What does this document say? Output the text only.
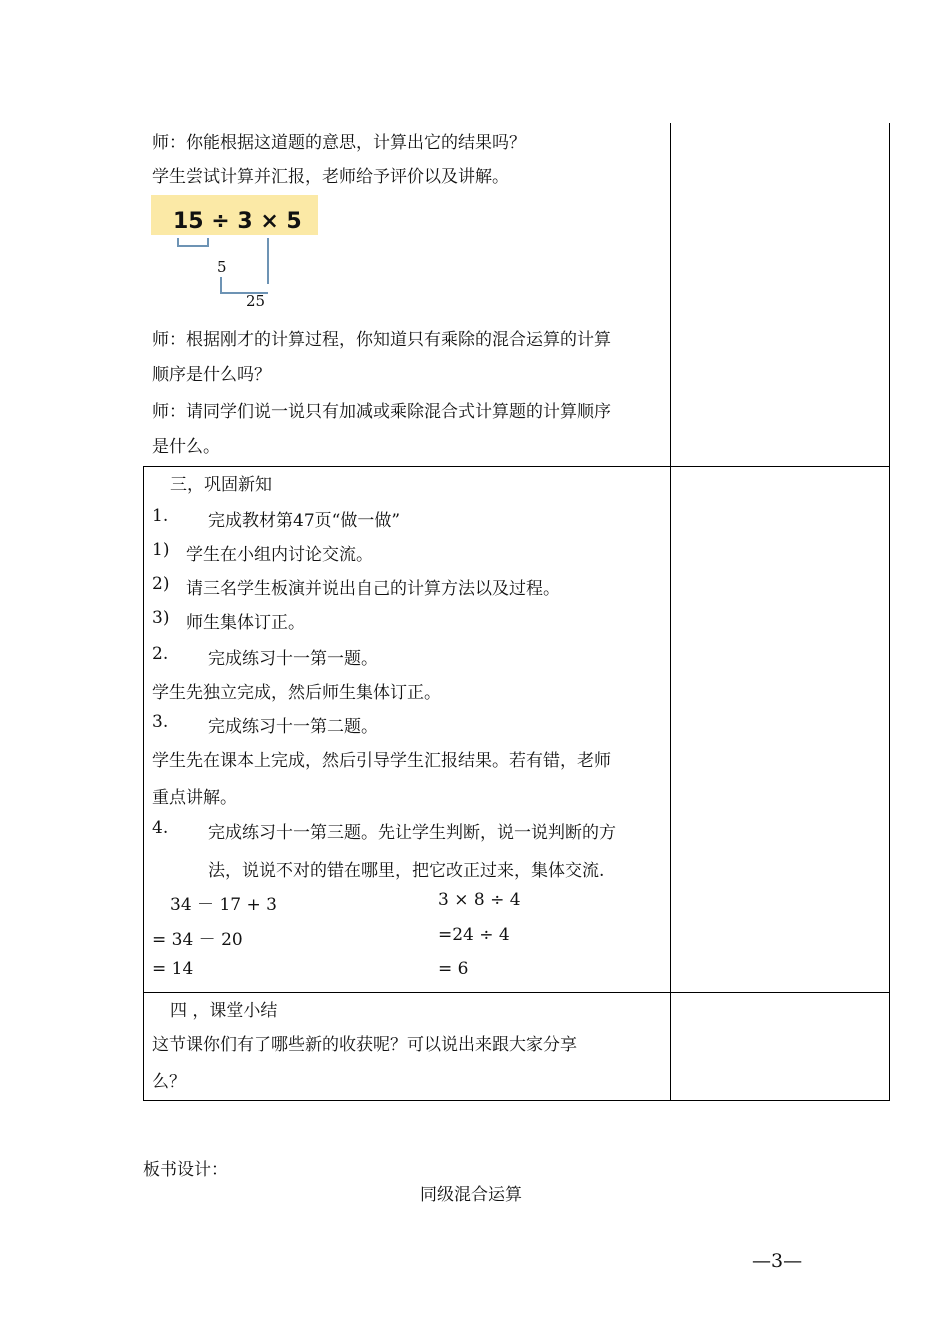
师：你能根据这道题的意思，计算出它的结果吗？
学生尝试计算并汇报，老师给予评价以及讲解。
15 ÷ 3 × 5
5
25
师：根据刚才的计算过程，你知道只有乘除的混合运算的计算
顺序是什么吗？
师：请同学们说一说只有加减或乘除混合式计算题的计算顺序
是什么。
三，巩固新知
1. 完成教材第47页“做一做”
1) 学生在小组内讨论交流。
2) 请三名学生板演并说出自己的计算方法以及过程。
3) 师生集体订正。
2. 完成练习十一第一题。
学生先独立完成，然后师生集体订正。
3. 完成练习十一第二题。
学生先在课本上完成，然后引导学生汇报结果。若有错，老师
重点讲解。
4. 完成练习十一第三题。先让学生判断，说一说判断的方
法，说说不对的错在哪里，把它改正过来，集体交流.
34 － 17 + 3
= 34 － 20
= 14
3 × 8 ÷ 4
=24 ÷ 4
= 6
四 ，课堂小结
这节课你们有了哪些新的收获呢？可以说出来跟大家分享
么？
板书设计：
同级混合运算
—3—
